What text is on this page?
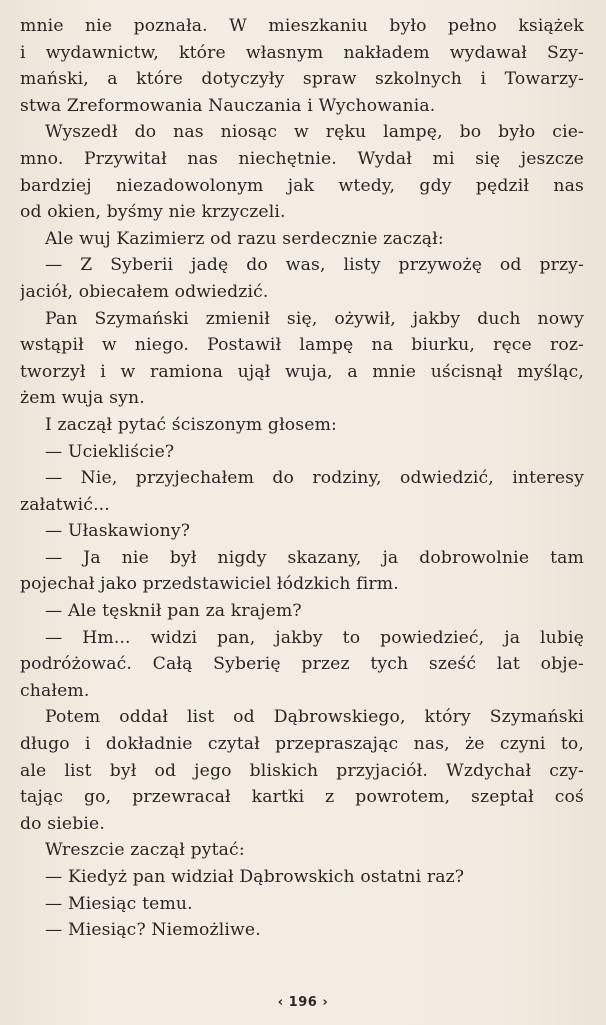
mnie nie poznała. W mieszkaniu było pełno książek
i wydawnictw, które własnym nakładem wydawał Szy-
mański, a które dotyczyły spraw szkolnych i Towarzy-
stwa Zreformowania Nauczania i Wychowania.
Wyszedł do nas niosąc w ręku lampę, bo było cie-
mno. Przywitał nas niechętnie. Wydał mi się jeszcze
bardziej niezadowolonym jak wtedy, gdy pędził nas
od okien, byśmy nie krzyczeli.
Ale wuj Kazimierz od razu serdecznie zaczął:
— Z Syberii jadę do was, listy przywożę od przy-
jaciół, obiecałem odwiedzić.
Pan Szymański zmienił się, ożywił, jakby duch nowy
wstąpił w niego. Postawił lampę na biurku, ręce roz-
tworzył i w ramiona ujął wuja, a mnie uścisnął myśląc,
żem wuja syn.
I zaczął pytać ściszonym głosem:
— Uciekliście?
— Nie, przyjechałem do rodziny, odwiedzić, interesy
załatwić...
— Ułaskawiony?
— Ja nie był nigdy skazany, ja dobrowolnie tam
pojechał jako przedstawiciel łódzkich firm.
— Ale tęsknił pan za krajem?
— Hm... widzi pan, jakby to powiedzieć, ja lubię
podróżować. Całą Syberię przez tych sześć lat obje-
chałem.
Potem oddał list od Dąbrowskiego, który Szymański
długo i dokładnie czytał przepraszając nas, że czyni to,
ale list był od jego bliskich przyjaciół. Wzdychał czy-
tając go, przewracał kartki z powrotem, szeptał coś
do siebie.
Wreszcie zaczął pytać:
— Kiedyż pan widział Dąbrowskich ostatni raz?
— Miesiąc temu.
— Miesiąc? Niemożliwe.
‹ 196 ›
